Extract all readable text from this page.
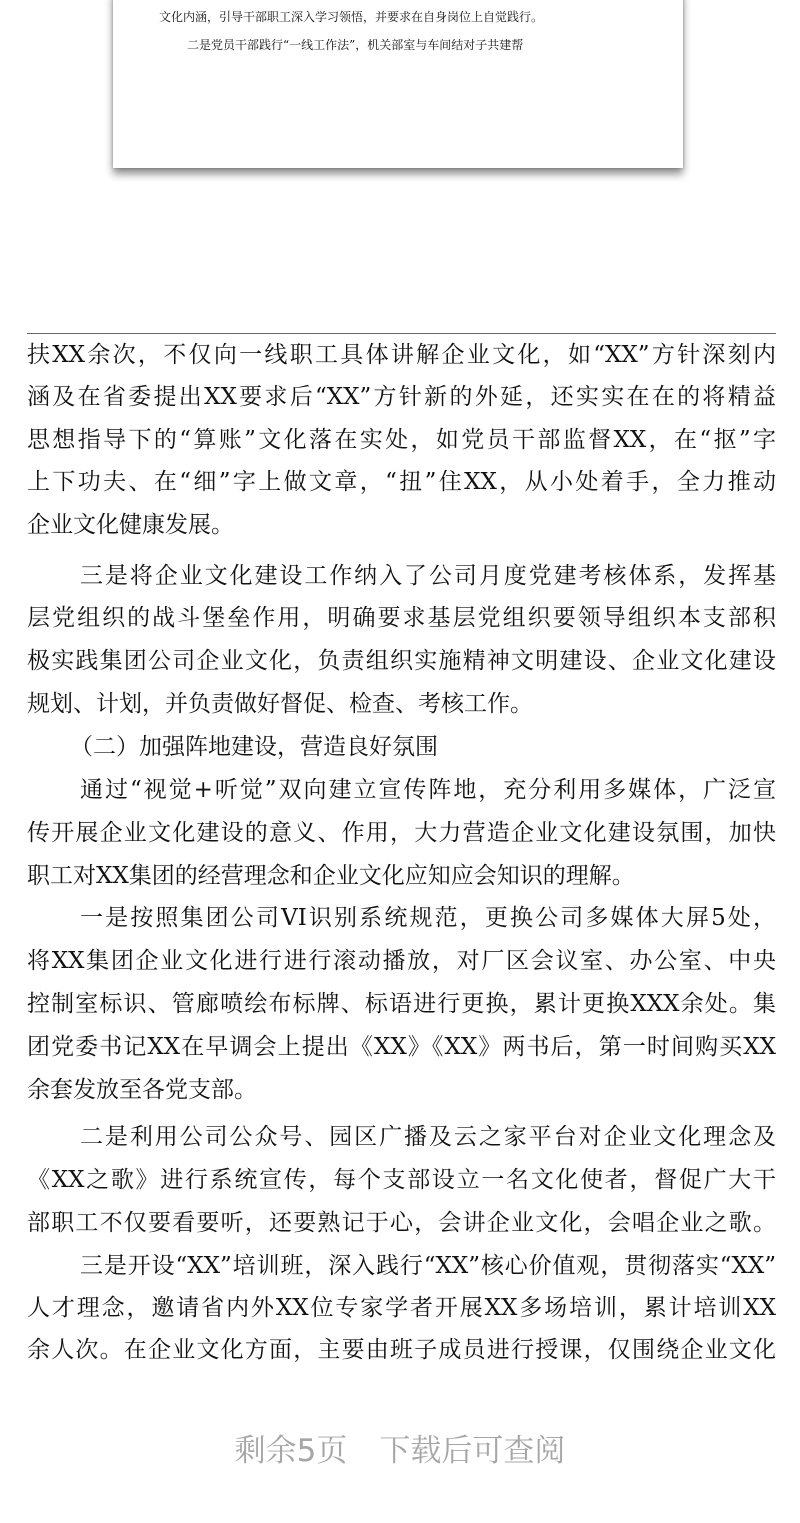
文化内涵，引导干部职工深入学习领悟，并要求在自身岗位上自觉践行。
二是党员干部践行“一线工作法”，机关部室与车间结对子共建帮
扶XX余次，不仅向一线职工具体讲解企业文化，如“XX”方针深刻内
涵及在省委提出XX要求后“XX”方针新的外延，还实实在在的将精益
思想指导下的“算账”文化落在实处，如党员干部监督XX，在“抠”字
上下功夫、在“细”字上做文章，“扭”住XX，从小处着手，全力推动
企业文化健康发展。
三是将企业文化建设工作纳入了公司月度党建考核体系，发挥基
层党组织的战斗堡垒作用，明确要求基层党组织要领导组织本支部积
极实践集团公司企业文化，负责组织实施精神文明建设、企业文化建设
规划、计划，并负责做好督促、检查、考核工作。
（二）加强阵地建设，营造良好氛围
通过“视觉+听觉”双向建立宣传阵地，充分利用多媒体，广泛宣
传开展企业文化建设的意义、作用，大力营造企业文化建设氛围，加快
职工对XX集团的经营理念和企业文化应知应会知识的理解。
一是按照集团公司VI识别系统规范，更换公司多媒体大屏5处，
将XX集团企业文化进行进行滚动播放，对厂区会议室、办公室、中央
控制室标识、管廊喷绘布标牌、标语进行更换，累计更换XXX余处。集
团党委书记XX在早调会上提出《XX》《XX》两书后，第一时间购买XX
余套发放至各党支部。
二是利用公司公众号、园区广播及云之家平台对企业文化理念及
《XX之歌》进行系统宣传，每个支部设立一名文化使者，督促广大干
部职工不仅要看要听，还要熟记于心，会讲企业文化，会唱企业之歌。
三是开设“XX”培训班，深入践行“XX”核心价值观，贯彻落实“XX”
人才理念，邀请省内外XX位专家学者开展XX多场培训，累计培训XX
余人次。在企业文化方面，主要由班子成员进行授课，仅围绕企业文化
剩余5页 下载后可查阅
